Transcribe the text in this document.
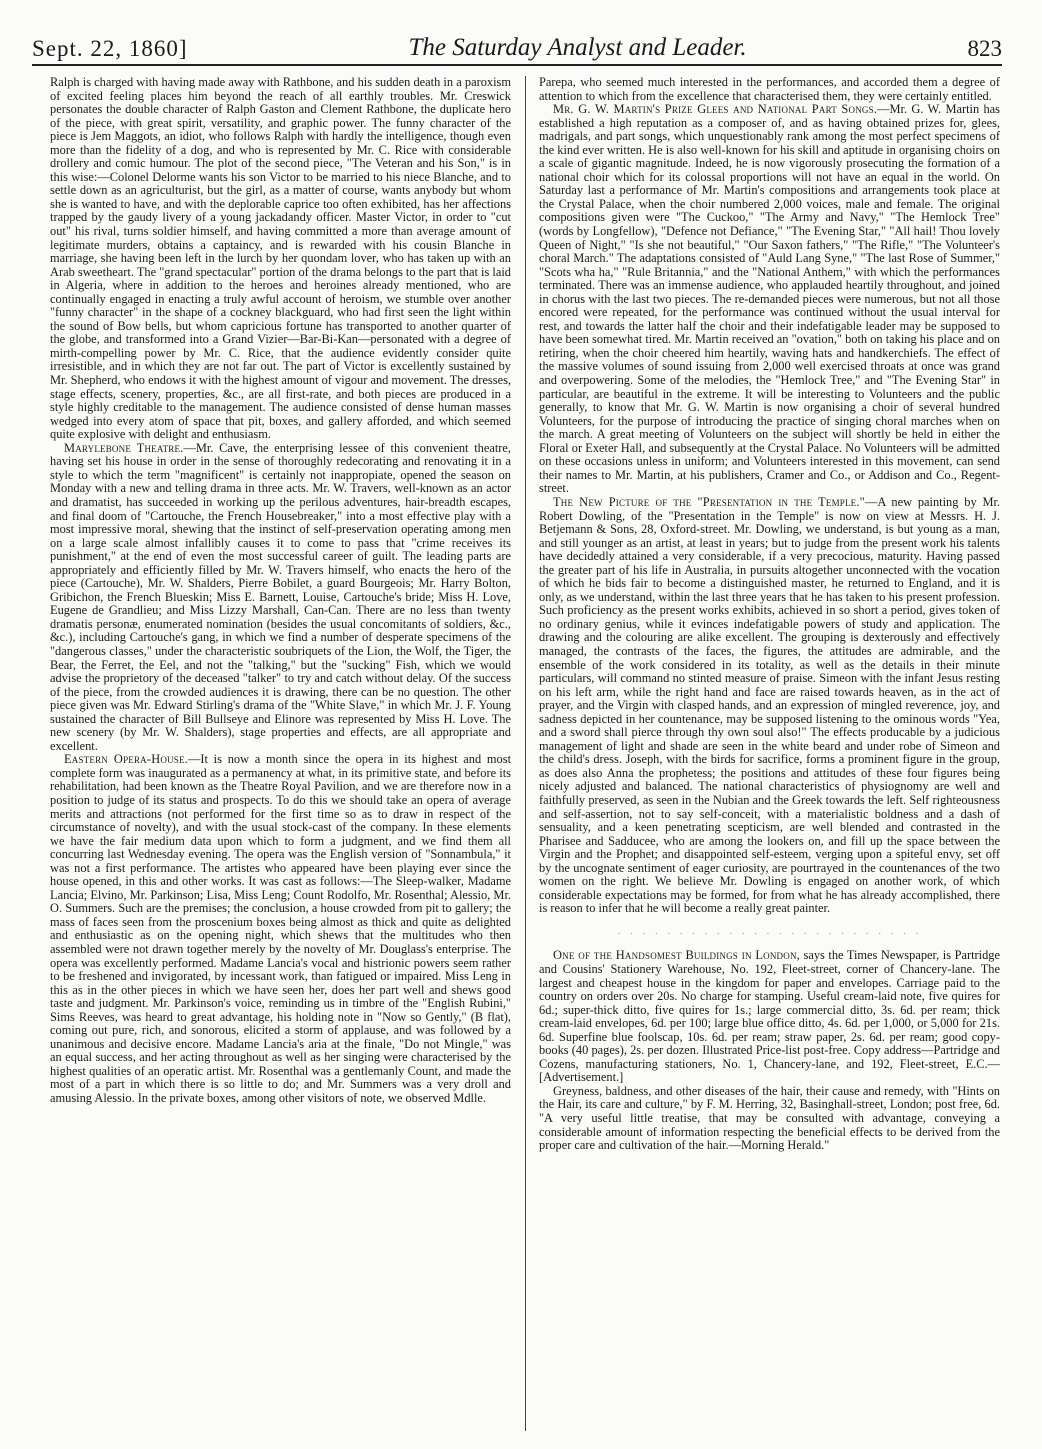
Sept. 22, 1860]	The Saturday Analyst and Leader.	823

Ralph is charged with having made away with Rathbone, and his sudden death in a paroxism of excited feeling places him beyond the reach of all earthly troubles. Mr. Creswick personates the double character of Ralph Gaston and Clement Rathbone, the duplicate hero of the piece, with great spirit, versatility, and graphic power. The funny character of the piece is Jem Maggots, an idiot, who follows Ralph with hardly the intelligence, though even more than the fidelity of a dog, and who is represented by Mr. C. Rice with considerable drollery and comic humour. The plot of the second piece, "The Veteran and his Son," is in this wise:—Colonel Delorme wants his son Victor to be married to his niece Blanche, and to settle down as an agriculturist, but the girl, as a matter of course, wants anybody but whom she is wanted to have, and with the deplorable caprice too often exhibited, has her affections trapped by the gaudy livery of a young jackadandy officer. Master Victor, in order to "cut out" his rival, turns soldier himself, and having committed a more than average amount of legitimate murders, obtains a captaincy, and is rewarded with his cousin Blanche in marriage, she having been left in the lurch by her quondam lover, who has taken up with an Arab sweetheart. The "grand spectacular" portion of the drama belongs to the part that is laid in Algeria, where in addition to the heroes and heroines already mentioned, who are continually engaged in enacting a truly awful account of heroism, we stumble over another "funny character" in the shape of a cockney blackguard, who had first seen the light within the sound of Bow bells, but whom capricious fortune has transported to another quarter of the globe, and transformed into a Grand Vizier—Bar-Bi-Kan—personated with a degree of mirth-compelling power by Mr. C. Rice, that the audience evidently consider quite irresistible, and in which they are not far out. The part of Victor is excellently sustained by Mr. Shepherd, who endows it with the highest amount of vigour and movement. The dresses, stage effects, scenery, properties, &c., are all first-rate, and both pieces are produced in a style highly creditable to the management. The audience consisted of dense human masses wedged into every atom of space that pit, boxes, and gallery afforded, and which seemed quite explosive with delight and enthusiasm.

Marylebone Theatre.—Mr. Cave, the enterprising lessee of this convenient theatre, having set his house in order in the sense of thoroughly redecorating and renovating it in a style to which the term "magnificent" is certainly not inappropiate, opened the season on Monday with a new and telling drama in three acts. Mr. W. Travers, well-known as an actor and dramatist, has succeeded in working up the perilous adventures, hair-breadth escapes, and final doom of "Cartouche, the French Housebreaker," into a most effective play with a most impressive moral, shewing that the instinct of self-preservation operating among men on a large scale almost infallibly causes it to come to pass that "crime receives its punishment," at the end of even the most successful career of guilt. The leading parts are appropriately and efficiently filled by Mr. W. Travers himself, who enacts the hero of the piece (Cartouche), Mr. W. Shalders, Pierre Bobilet, a guard Bourgeois; Mr. Harry Bolton, Gribichon, the French Blueskin; Miss E. Barnett, Louise, Cartouche's bride; Miss H. Love, Eugene de Grandlieu; and Miss Lizzy Marshall, Can-Can. There are no less than twenty dramatis personæ, enumerated nomination (besides the usual concomitants of soldiers, &c., &c.), including Cartouche's gang, in which we find a number of desperate specimens of the "dangerous classes," under the characteristic soubriquets of the Lion, the Wolf, the Tiger, the Bear, the Ferret, the Eel, and not the "talking," but the "sucking" Fish, which we would advise the proprietory of the deceased "talker" to try and catch without delay. Of the success of the piece, from the crowded audiences it is drawing, there can be no question. The other piece given was Mr. Edward Stirling's drama of the "White Slave," in which Mr. J. F. Young sustained the character of Bill Bullseye and Elinore was represented by Miss H. Love. The new scenery (by Mr. W. Shalders), stage properties and effects, are all appropriate and excellent.

Eastern Opera-House.—It is now a month since the opera in its highest and most complete form was inaugurated as a permanency at what, in its primitive state, and before its rehabilitation, had been known as the Theatre Royal Pavilion, and we are therefore now in a position to judge of its status and prospects. To do this we should take an opera of average merits and attractions (not performed for the first time so as to draw in respect of the circumstance of novelty), and with the usual stock-cast of the company. In these elements we have the fair medium data upon which to form a judgment, and we find them all concurring last Wednesday evening. The opera was the English version of "Sonnambula," it was not a first performance. The artistes who appeared have been playing ever since the house opened, in this and other works. It was cast as follows:—The Sleep-walker, Madame Lancia; Elvino, Mr. Parkinson; Lisa, Miss Leng; Count Rodolfo, Mr. Rosenthal; Alessio, Mr. O. Summers. Such are the premises; the conclusion, a house crowded from pit to gallery; the mass of faces seen from the proscenium boxes being almost as thick and quite as delighted and enthusiastic as on the opening night, which shews that the multitudes who then assembled were not drawn together merely by the novelty of Mr. Douglass's enterprise. The opera was excellently performed. Madame Lancia's vocal and histrionic powers seem rather to be freshened and invigorated, by incessant work, than fatigued or impaired. Miss Leng in this as in the other pieces in which we have seen her, does her part well and shews good taste and judgment. Mr. Parkinson's voice, reminding us in timbre of the "English Rubini," Sims Reeves, was heard to great advantage, his holding note in "Now so Gently," (B flat), coming out pure, rich, and sonorous, elicited a storm of applause, and was followed by a unanimous and decisive encore. Madame Lancia's aria at the finale, "Do not Mingle," was an equal success, and her acting throughout as well as her singing were characterised by the highest qualities of an operatic artist. Mr. Rosenthal was a gentlemanly Count, and made the most of a part in which there is so little to do; and Mr. Summers was a very droll and amusing Alessio. In the private boxes, among other visitors of note, we observed Mdlle.

Parepa, who seemed much interested in the performances, and accorded them a degree of attention to which from the excellence that characterised them, they were certainly entitled.

Mr. G. W. Martin's Prize Glees and National Part Songs.—Mr. G. W. Martin has established a high reputation as a composer of, and as having obtained prizes for, glees, madrigals, and part songs, which unquestionably rank among the most perfect specimens of the kind ever written. He is also well-known for his skill and aptitude in organising choirs on a scale of gigantic magnitude. Indeed, he is now vigorously prosecuting the formation of a national choir which for its colossal proportions will not have an equal in the world. On Saturday last a performance of Mr. Martin's compositions and arrangements took place at the Crystal Palace, when the choir numbered 2,000 voices, male and female. The original compositions given were "The Cuckoo," "The Army and Navy," "The Hemlock Tree" (words by Longfellow), "Defence not Defiance," "The Evening Star," "All hail! Thou lovely Queen of Night," "Is she not beautiful," "Our Saxon fathers," "The Rifle," "The Volunteer's choral March." The adaptations consisted of "Auld Lang Syne," "The last Rose of Summer," "Scots wha ha," "Rule Britannia," and the "National Anthem," with which the performances terminated. There was an immense audience, who applauded heartily throughout, and joined in chorus with the last two pieces. The re-demanded pieces were numerous, but not all those encored were repeated, for the performance was continued without the usual interval for rest, and towards the latter half the choir and their indefatigable leader may be supposed to have been somewhat tired. Mr. Martin received an "ovation," both on taking his place and on retiring, when the choir cheered him heartily, waving hats and handkerchiefs. The effect of the massive volumes of sound issuing from 2,000 well exercised throats at once was grand and overpowering. Some of the melodies, the "Hemlock Tree," and "The Evening Star" in particular, are beautiful in the extreme. It will be interesting to Volunteers and the public generally, to know that Mr. G. W. Martin is now organising a choir of several hundred Volunteers, for the purpose of introducing the practice of singing choral marches when on the march. A great meeting of Volunteers on the subject will shortly be held in either the Floral or Exeter Hall, and subsequently at the Crystal Palace. No Volunteers will be admitted on these occasions unless in uniform; and Volunteers interested in this movement, can send their names to Mr. Martin, at his publishers, Cramer and Co., or Addison and Co., Regent-street.

The New Picture of the "Presentation in the Temple."—A new painting by Mr. Robert Dowling, of the "Presentation in the Temple" is now on view at Messrs. H. J. Betjemann & Sons, 28, Oxford-street. Mr. Dowling, we understand, is but young as a man, and still younger as an artist, at least in years; but to judge from the present work his talents have decidedly attained a very considerable, if a very precocious, maturity. Having passed the greater part of his life in Australia, in pursuits altogether unconnected with the vocation of which he bids fair to become a distinguished master, he returned to England, and it is only, as we understand, within the last three years that he has taken to his present profession. Such proficiency as the present works exhibits, achieved in so short a period, gives token of no ordinary genius, while it evinces indefatigable powers of study and application. The drawing and the colouring are alike excellent. The grouping is dexterously and effectively managed, the contrasts of the faces, the figures, the attitudes are admirable, and the ensemble of the work considered in its totality, as well as the details in their minute particulars, will command no stinted measure of praise. Simeon with the infant Jesus resting on his left arm, while the right hand and face are raised towards heaven, as in the act of prayer, and the Virgin with clasped hands, and an expression of mingled reverence, joy, and sadness depicted in her countenance, may be supposed listening to the ominous words "Yea, and a sword shall pierce through thy own soul also!" The effects producable by a judicious management of light and shade are seen in the white beard and under robe of Simeon and the child's dress. Joseph, with the birds for sacrifice, forms a prominent figure in the group, as does also Anna the prophetess; the positions and attitudes of these four figures being nicely adjusted and balanced. The national characteristics of physiognomy are well and faithfully preserved, as seen in the Nubian and the Greek towards the left. Self righteousness and self-assertion, not to say self-conceit, with a materialistic boldness and a dash of sensuality, and a keen penetrating scepticism, are well blended and contrasted in the Pharisee and Sadducee, who are among the lookers on, and fill up the space between the Virgin and the Prophet; and disappointed self-esteem, verging upon a spiteful envy, set off by the uncognate sentiment of eager curiosity, are pourtrayed in the countenances of the two women on the right. We believe Mr. Dowling is engaged on another work, of which considerable expectations may be formed, for from what he has already accomplished, there is reason to infer that he will become a really great painter.

· · · · · · · · · · · · · · · · · · · · · · · · ·

One of the Handsomest Buildings in London, says the Times Newspaper, is Partridge and Cousins' Stationery Warehouse, No. 192, Fleet-street, corner of Chancery-lane. The largest and cheapest house in the kingdom for paper and envelopes. Carriage paid to the country on orders over 20s. No charge for stamping. Useful cream-laid note, five quires for 6d.; super-thick ditto, five quires for 1s.; large commercial ditto, 3s. 6d. per ream; thick cream-laid envelopes, 6d. per 100; large blue office ditto, 4s. 6d. per 1,000, or 5,000 for 21s. 6d. Superfine blue foolscap, 10s. 6d. per ream; straw paper, 2s. 6d. per ream; good copy-books (40 pages), 2s. per dozen. Illustrated Price-list post-free. Copy address—Partridge and Cozens, manufacturing stationers, No. 1, Chancery-lane, and 192, Fleet-street, E.C.—[Advertisement.]

Greyness, baldness, and other diseases of the hair, their cause and remedy, with "Hints on the Hair, its care and culture," by F. M. Herring, 32, Basinghall-street, London; post free, 6d. "A very useful little treatise, that may be consulted with advantage, conveying a considerable amount of information respecting the beneficial effects to be derived from the proper care and cultivation of the hair.—Morning Herald."
